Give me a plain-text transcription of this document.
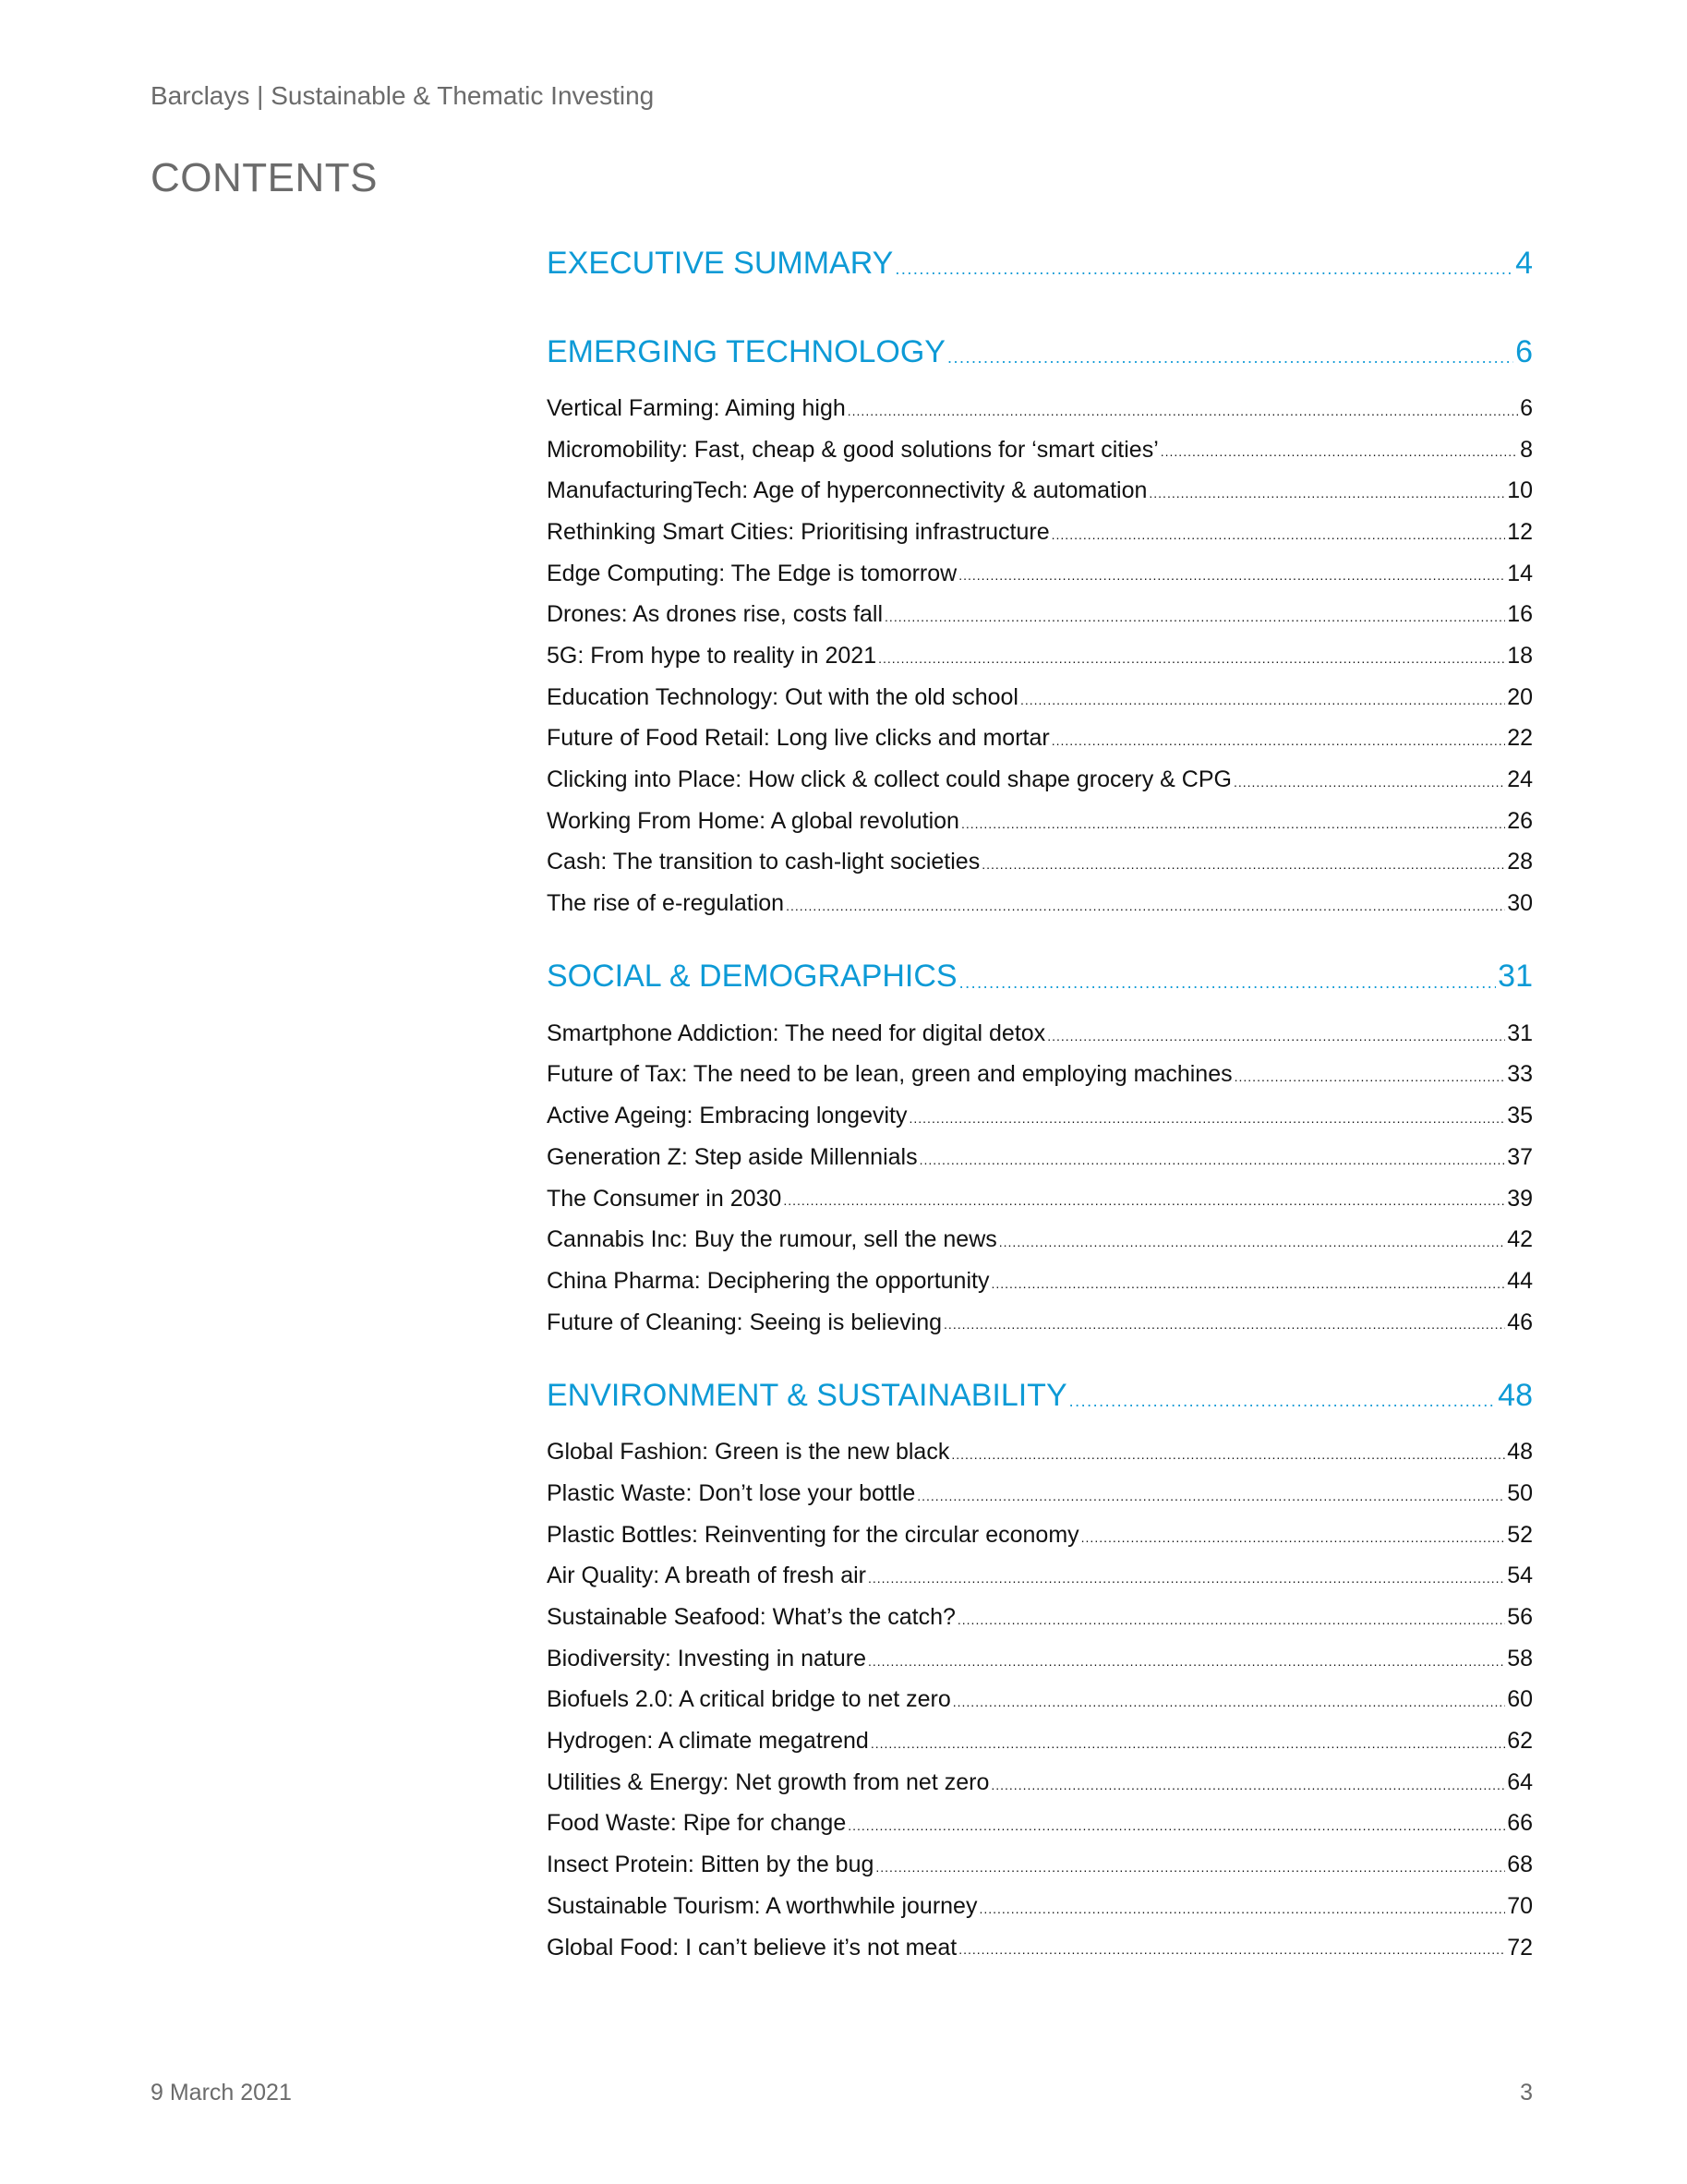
Barclays | Sustainable & Thematic Investing
CONTENTS
EXECUTIVE SUMMARY .....	4
EMERGING TECHNOLOGY .....	6
Vertical Farming: Aiming high .....	6
Micromobility: Fast, cheap & good solutions for ‘smart cities’ .....	8
ManufacturingTech: Age of hyperconnectivity & automation .....	10
Rethinking Smart Cities: Prioritising infrastructure .....	12
Edge Computing: The Edge is tomorrow .....	14
Drones: As drones rise, costs fall .....	16
5G: From hype to reality in 2021 .....	18
Education Technology: Out with the old school .....	20
Future of Food Retail: Long live clicks and mortar .....	22
Clicking into Place: How click & collect could shape grocery & CPG .....	24
Working From Home: A global revolution .....	26
Cash: The transition to cash-light societies .....	28
The rise of e-regulation .....	30
SOCIAL & DEMOGRAPHICS .....	31
Smartphone Addiction: The need for digital detox .....	31
Future of Tax: The need to be lean, green and employing machines .....	33
Active Ageing: Embracing longevity .....	35
Generation Z: Step aside Millennials .....	37
The Consumer in 2030 .....	39
Cannabis Inc: Buy the rumour, sell the news .....	42
China Pharma: Deciphering the opportunity .....	44
Future of Cleaning: Seeing is believing .....	46
ENVIRONMENT & SUSTAINABILITY .....	48
Global Fashion: Green is the new black .....	48
Plastic Waste: Don’t lose your bottle .....	50
Plastic Bottles: Reinventing for the circular economy .....	52
Air Quality: A breath of fresh air .....	54
Sustainable Seafood: What’s the catch? .....	56
Biodiversity: Investing in nature .....	58
Biofuels 2.0: A critical bridge to net zero .....	60
Hydrogen: A climate megatrend .....	62
Utilities & Energy: Net growth from net zero .....	64
Food Waste: Ripe for change .....	66
Insect Protein: Bitten by the bug .....	68
Sustainable Tourism: A worthwhile journey .....	70
Global Food: I can’t believe it’s not meat .....	72
9 March 2021	3
